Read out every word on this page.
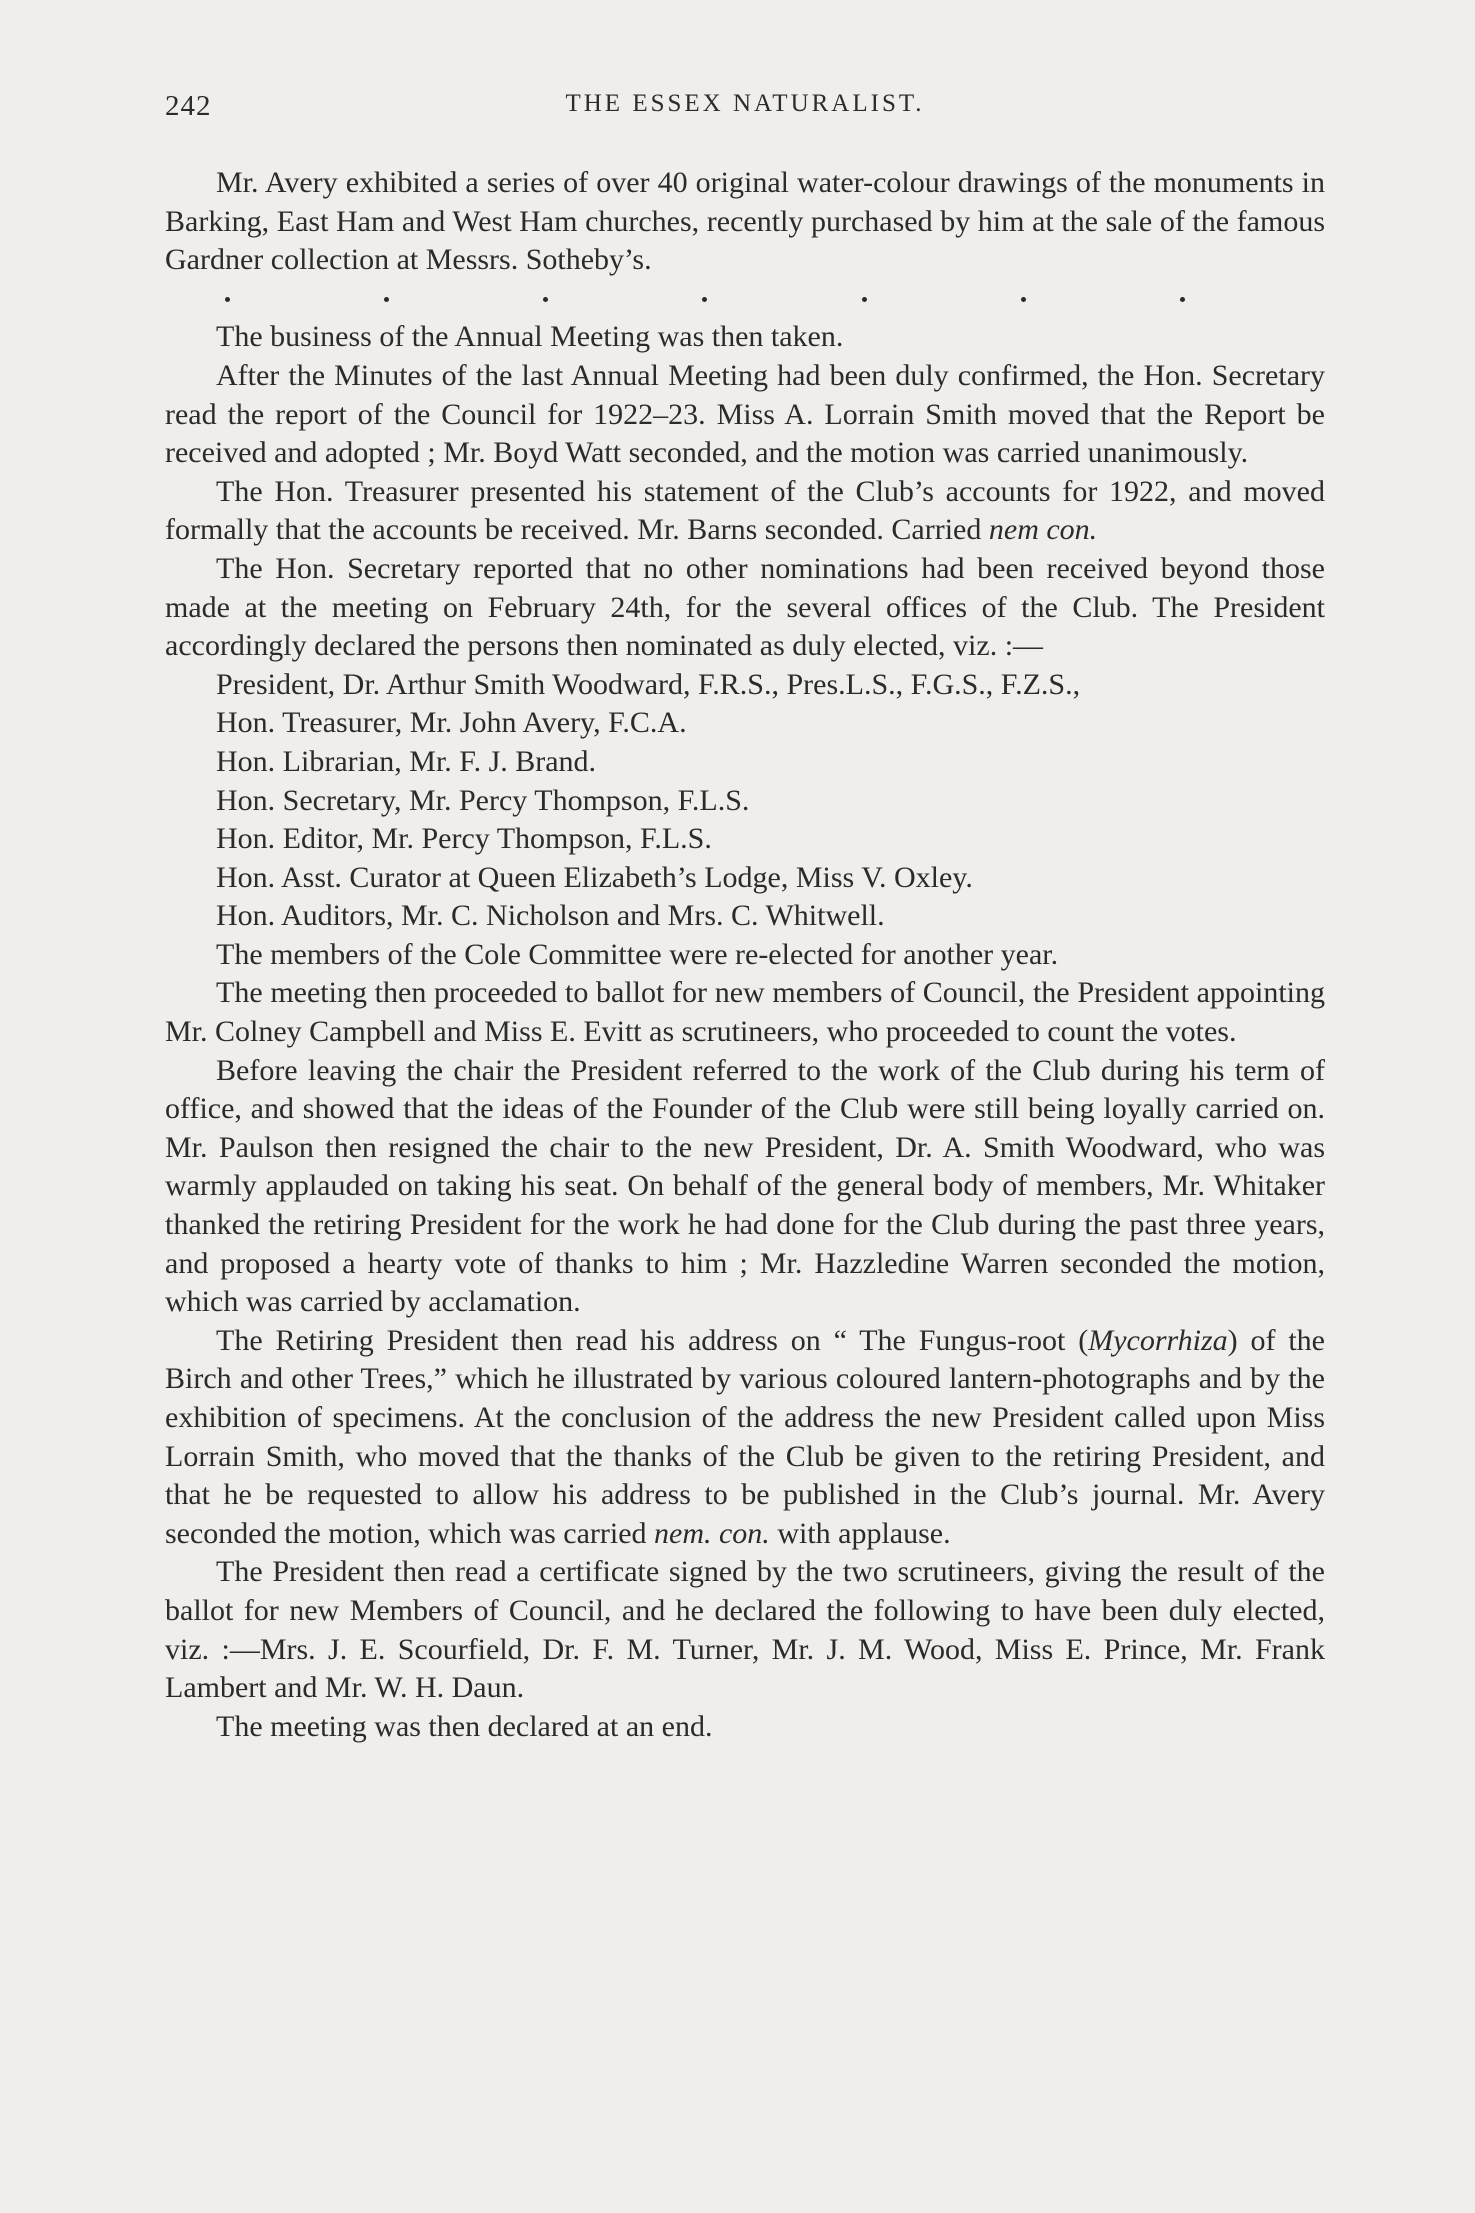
242	THE ESSEX NATURALIST.

Mr. Avery exhibited a series of over 40 original water-colour drawings of the monuments in Barking, East Ham and West Ham churches, recently purchased by him at the sale of the famous Gardner collection at Messrs. Sotheby’s.

The business of the Annual Meeting was then taken.

After the Minutes of the last Annual Meeting had been duly confirmed, the Hon. Secretary read the report of the Council for 1922–23. Miss A. Lorrain Smith moved that the Report be received and adopted ; Mr. Boyd Watt seconded, and the motion was carried unanimously.

The Hon. Treasurer presented his statement of the Club’s accounts for 1922, and moved formally that the accounts be received. Mr. Barns seconded. Carried nem con.

The Hon. Secretary reported that no other nominations had been received beyond those made at the meeting on February 24th, for the several offices of the Club. The President accordingly declared the persons then nominated as duly elected, viz. :—

President, Dr. Arthur Smith Woodward, F.R.S., Pres.L.S., F.G.S., F.Z.S.,
Hon. Treasurer, Mr. John Avery, F.C.A.
Hon. Librarian, Mr. F. J. Brand.
Hon. Secretary, Mr. Percy Thompson, F.L.S.
Hon. Editor, Mr. Percy Thompson, F.L.S.
Hon. Asst. Curator at Queen Elizabeth’s Lodge, Miss V. Oxley.
Hon. Auditors, Mr. C. Nicholson and Mrs. C. Whitwell.

The members of the Cole Committee were re-elected for another year.

The meeting then proceeded to ballot for new members of Council, the President appointing Mr. Colney Campbell and Miss E. Evitt as scrutineers, who proceeded to count the votes.

Before leaving the chair the President referred to the work of the Club during his term of office, and showed that the ideas of the Founder of the Club were still being loyally carried on. Mr. Paulson then resigned the chair to the new President, Dr. A. Smith Woodward, who was warmly applauded on taking his seat. On behalf of the general body of members, Mr. Whitaker thanked the retiring President for the work he had done for the Club during the past three years, and proposed a hearty vote of thanks to him ; Mr. Hazzledine Warren seconded the motion, which was carried by acclamation.

The Retiring President then read his address on “ The Fungus-root (Mycorrhiza) of the Birch and other Trees,” which he illustrated by various coloured lantern-photographs and by the exhibition of specimens. At the conclusion of the address the new President called upon Miss Lorrain Smith, who moved that the thanks of the Club be given to the retiring President, and that he be requested to allow his address to be published in the Club’s journal. Mr. Avery seconded the motion, which was carried nem. con. with applause.

The President then read a certificate signed by the two scrutineers, giving the result of the ballot for new Members of Council, and he declared the following to have been duly elected, viz. :—Mrs. J. E. Scourfield, Dr. F. M. Turner, Mr. J. M. Wood, Miss E. Prince, Mr. Frank Lambert and Mr. W. H. Daun.

The meeting was then declared at an end.
